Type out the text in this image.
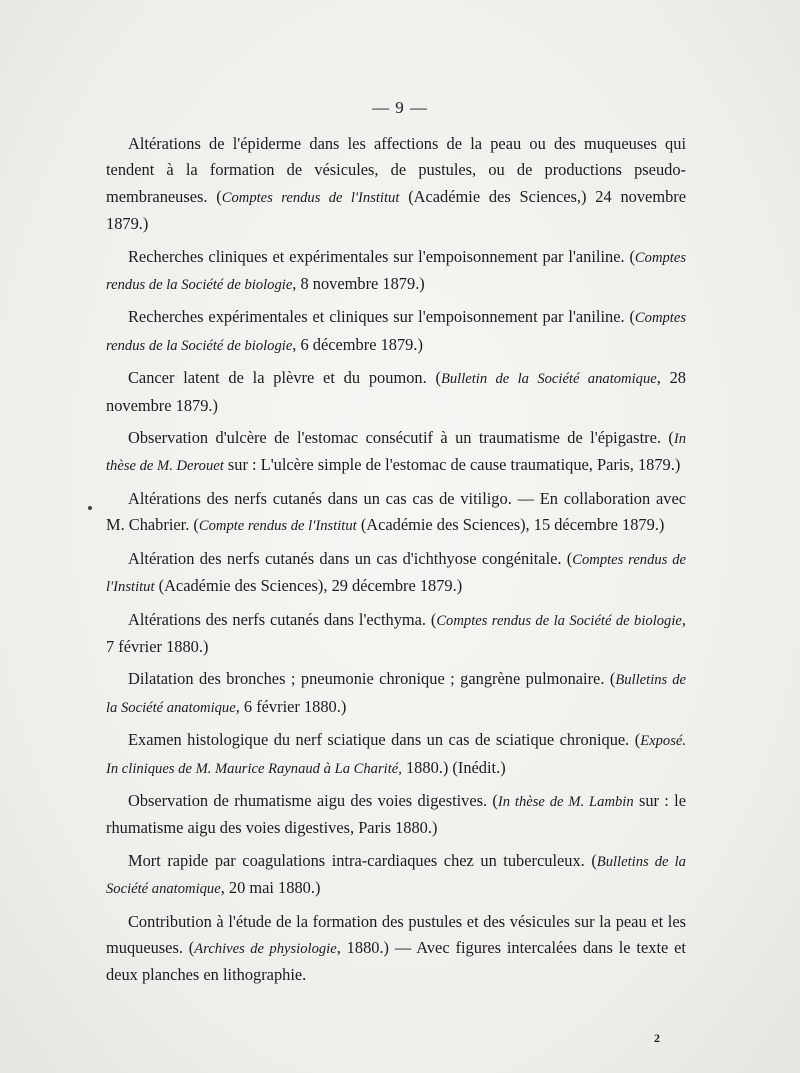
— 9 —

Altérations de l'épiderme dans les affections de la peau ou des muqueuses qui tendent à la formation de vésicules, de pustules, ou de productions pseudo-membraneuses. (Comptes rendus de l'Institut (Académie des Sciences,) 24 novembre 1879.)

Recherches cliniques et expérimentales sur l'empoisonnement par l'aniline. (Comptes rendus de la Société de biologie, 8 novembre 1879.)

Recherches expérimentales et cliniques sur l'empoisonnement par l'aniline. (Comptes rendus de la Société de biologie, 6 décembre 1879.)

Cancer latent de la plèvre et du poumon. (Bulletin de la Société anatomique, 28 novembre 1879.)

Observation d'ulcère de l'estomac consécutif à un traumatisme de l'épigastre. (In thèse de M. Derouet sur : L'ulcère simple de l'estomac de cause traumatique, Paris, 1879.)

Altérations des nerfs cutanés dans un cas cas de vitiligo. — En collaboration avec M. Chabrier. (Compte rendus de l'Institut (Académie des Sciences), 15 décembre 1879.)

Altération des nerfs cutanés dans un cas d'ichthyose congénitale. (Comptes rendus de l'Institut (Académie des Sciences), 29 décembre 1879.)

Altérations des nerfs cutanés dans l'ecthyma. (Comptes rendus de la Société de biologie, 7 février 1880.)

Dilatation des bronches ; pneumonie chronique ; gangrène pulmonaire. (Bulletins de la Société anatomique, 6 février 1880.)

Examen histologique du nerf sciatique dans un cas de sciatique chronique. (Exposé. In cliniques de M. Maurice Raynaud à La Charité, 1880.) (Inédit.)

Observation de rhumatisme aigu des voies digestives. (In thèse de M. Lambin sur : le rhumatisme aigu des voies digestives, Paris 1880.)

Mort rapide par coagulations intra-cardiaques chez un tuberculeux. (Bulletins de la Société anatomique, 20 mai 1880.)

Contribution à l'étude de la formation des pustules et des vésicules sur la peau et les muqueuses. (Archives de physiologie, 1880.) — Avec figures intercalées dans le texte et deux planches en lithographie.

2
